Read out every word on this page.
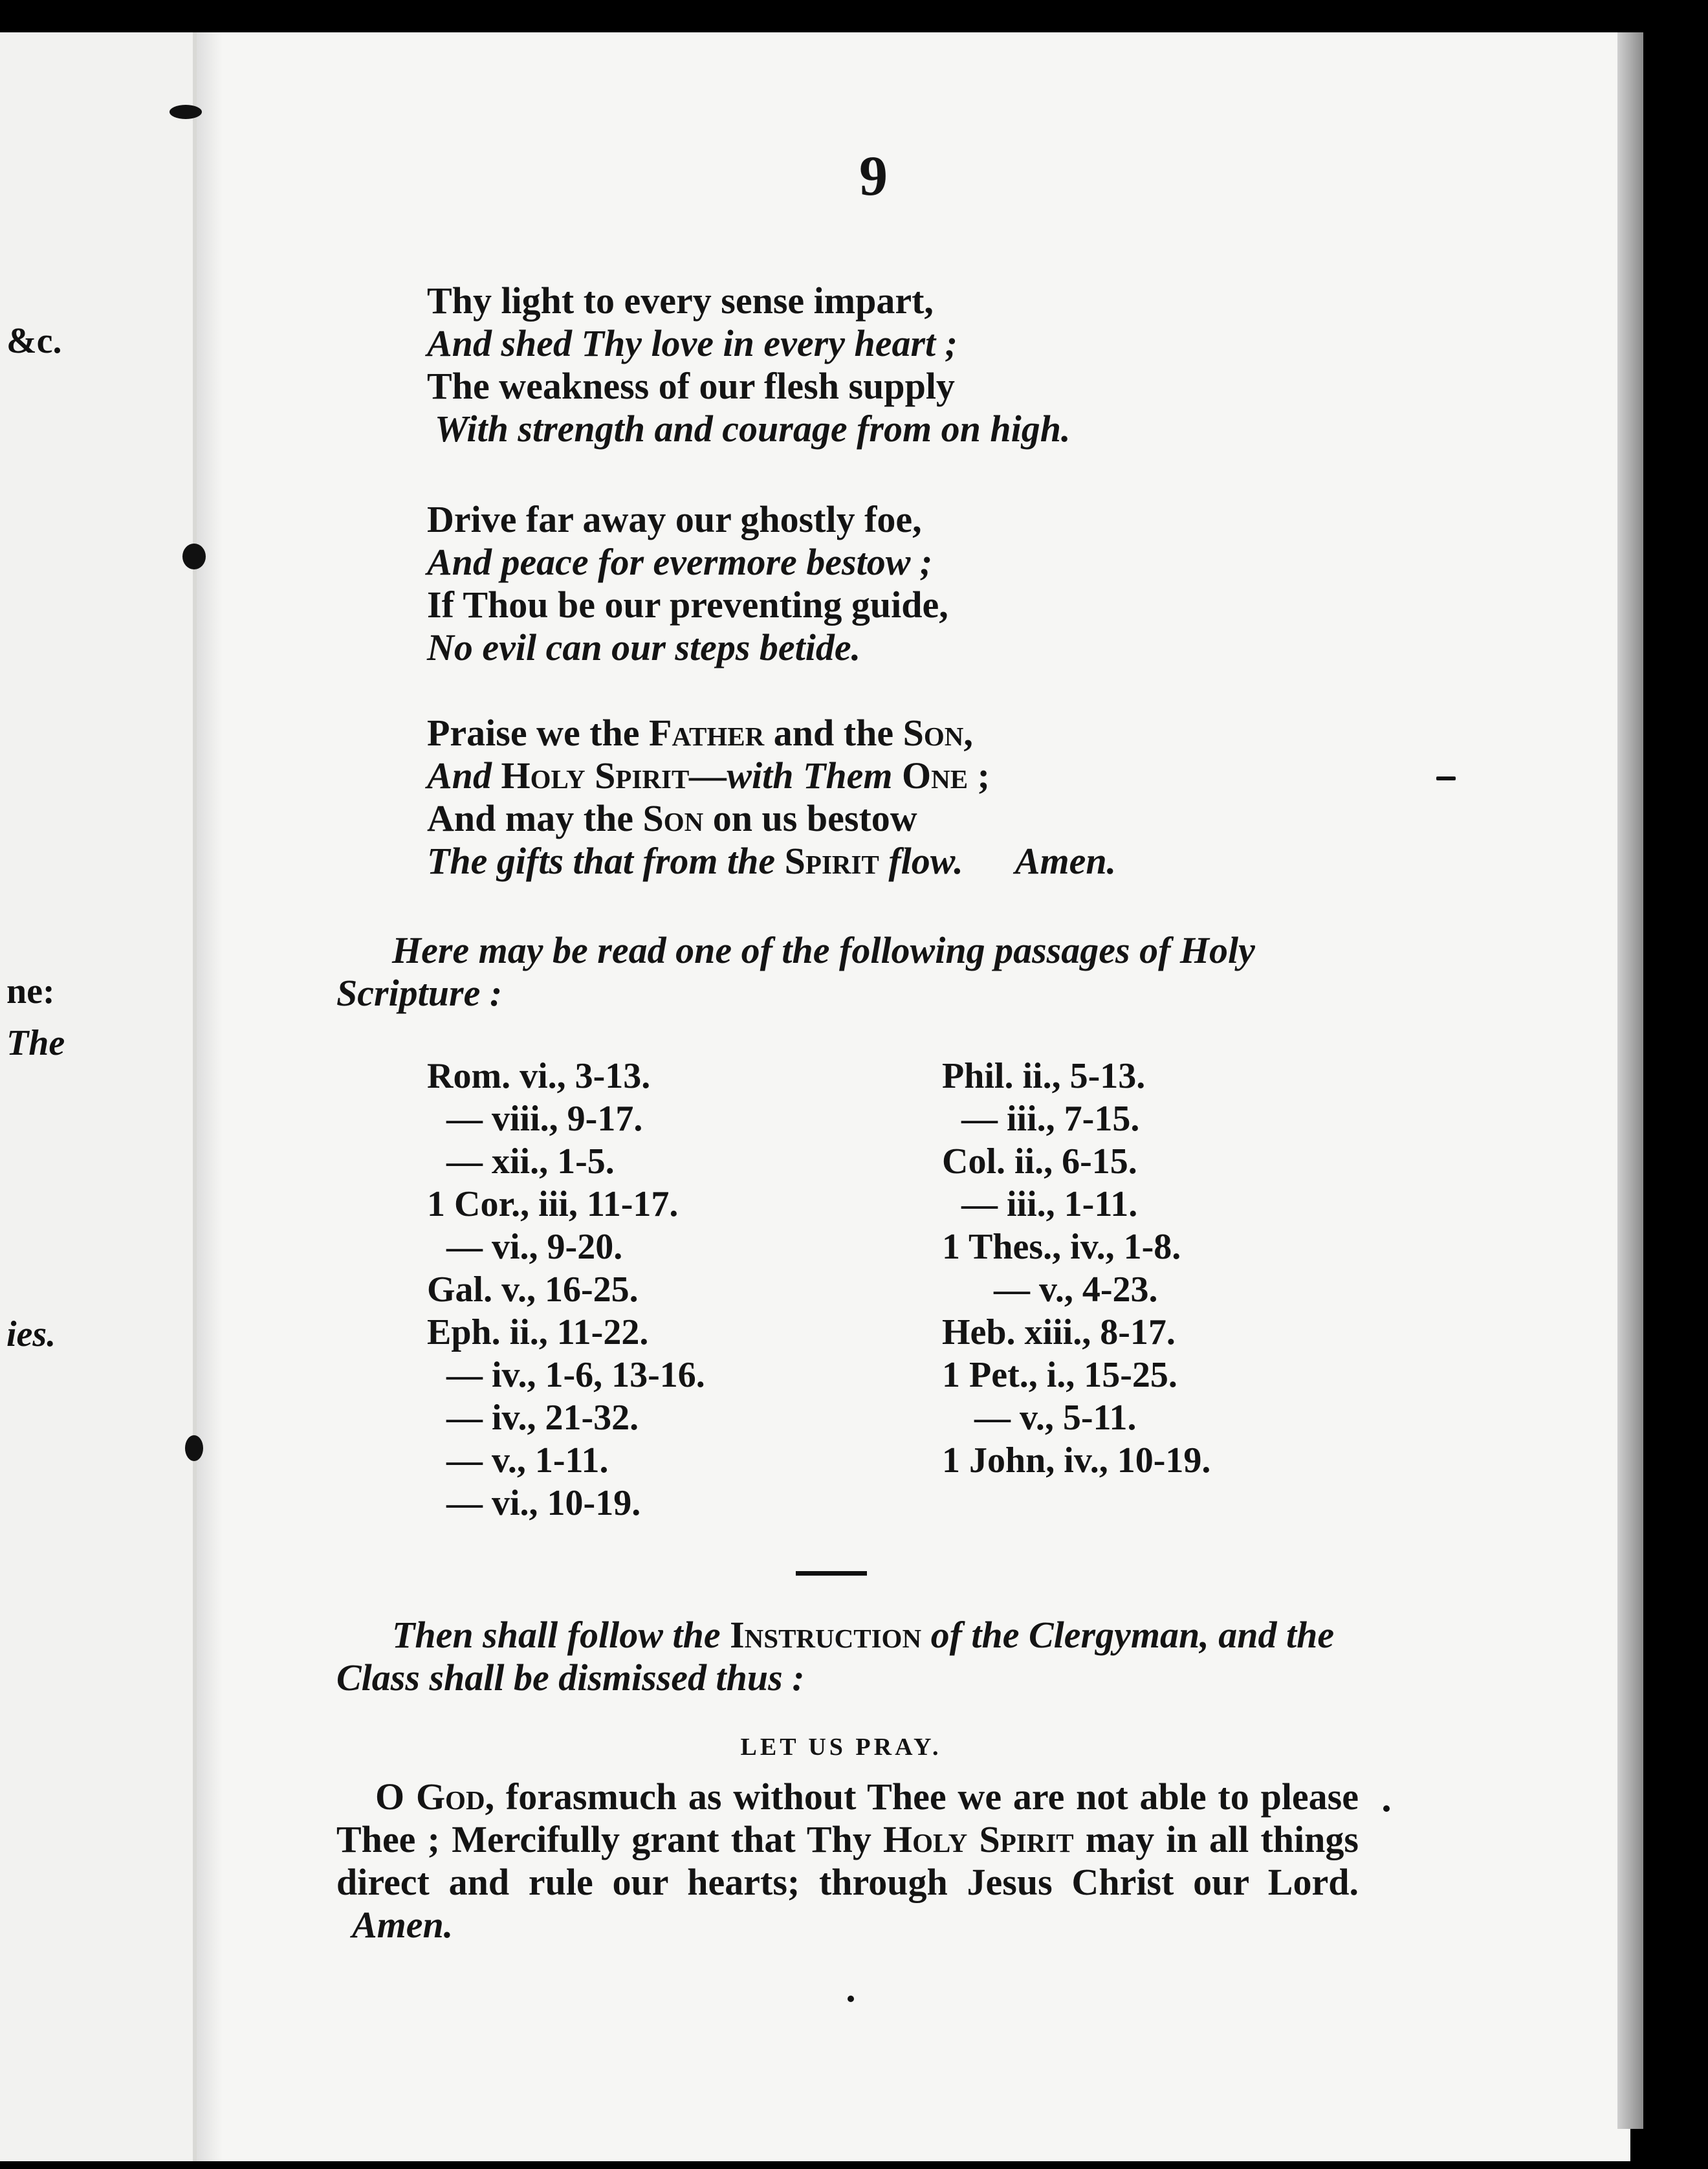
&c.
ne:
The
ies.
9
Thy light to every sense impart,
And shed Thy love in every heart ;
The weakness of our flesh supply
With strength and courage from on high.
Drive far away our ghostly foe,
And peace for evermore bestow ;
If Thou be our preventing guide,
No evil can our steps betide.
Praise we the Father and the Son,
And Holy Spirit—with Them One ;
And may the Son on us bestow
The gifts that from the Spirit flow. Amen.
Here may be read one of the following passages of Holy Scripture :
Rom. vi., 3-13.
— viii., 9-17.
— xii., 1-5.
1 Cor., iii, 11-17.
— vi., 9-20.
Gal. v., 16-25.
Eph. ii., 11-22.
— iv., 1-6, 13-16.
— iv., 21-32.
— v., 1-11.
— vi., 10-19.
Phil. ii., 5-13.
— iii., 7-15.
Col. ii., 6-15.
— iii., 1-11.
1 Thes., iv., 1-8.
— v., 4-23.
Heb. xiii., 8-17.
1 Pet., i., 15-25.
— v., 5-11.
1 John, iv., 10-19.
Then shall follow the Instruction of the Clergyman, and the Class shall be dismissed thus :
LET US PRAY.
O God, forasmuch as without Thee we are not able to please Thee ; Mercifully grant that Thy Holy Spirit may in all things direct and rule our hearts; through Jesus Christ our Lord. Amen.
